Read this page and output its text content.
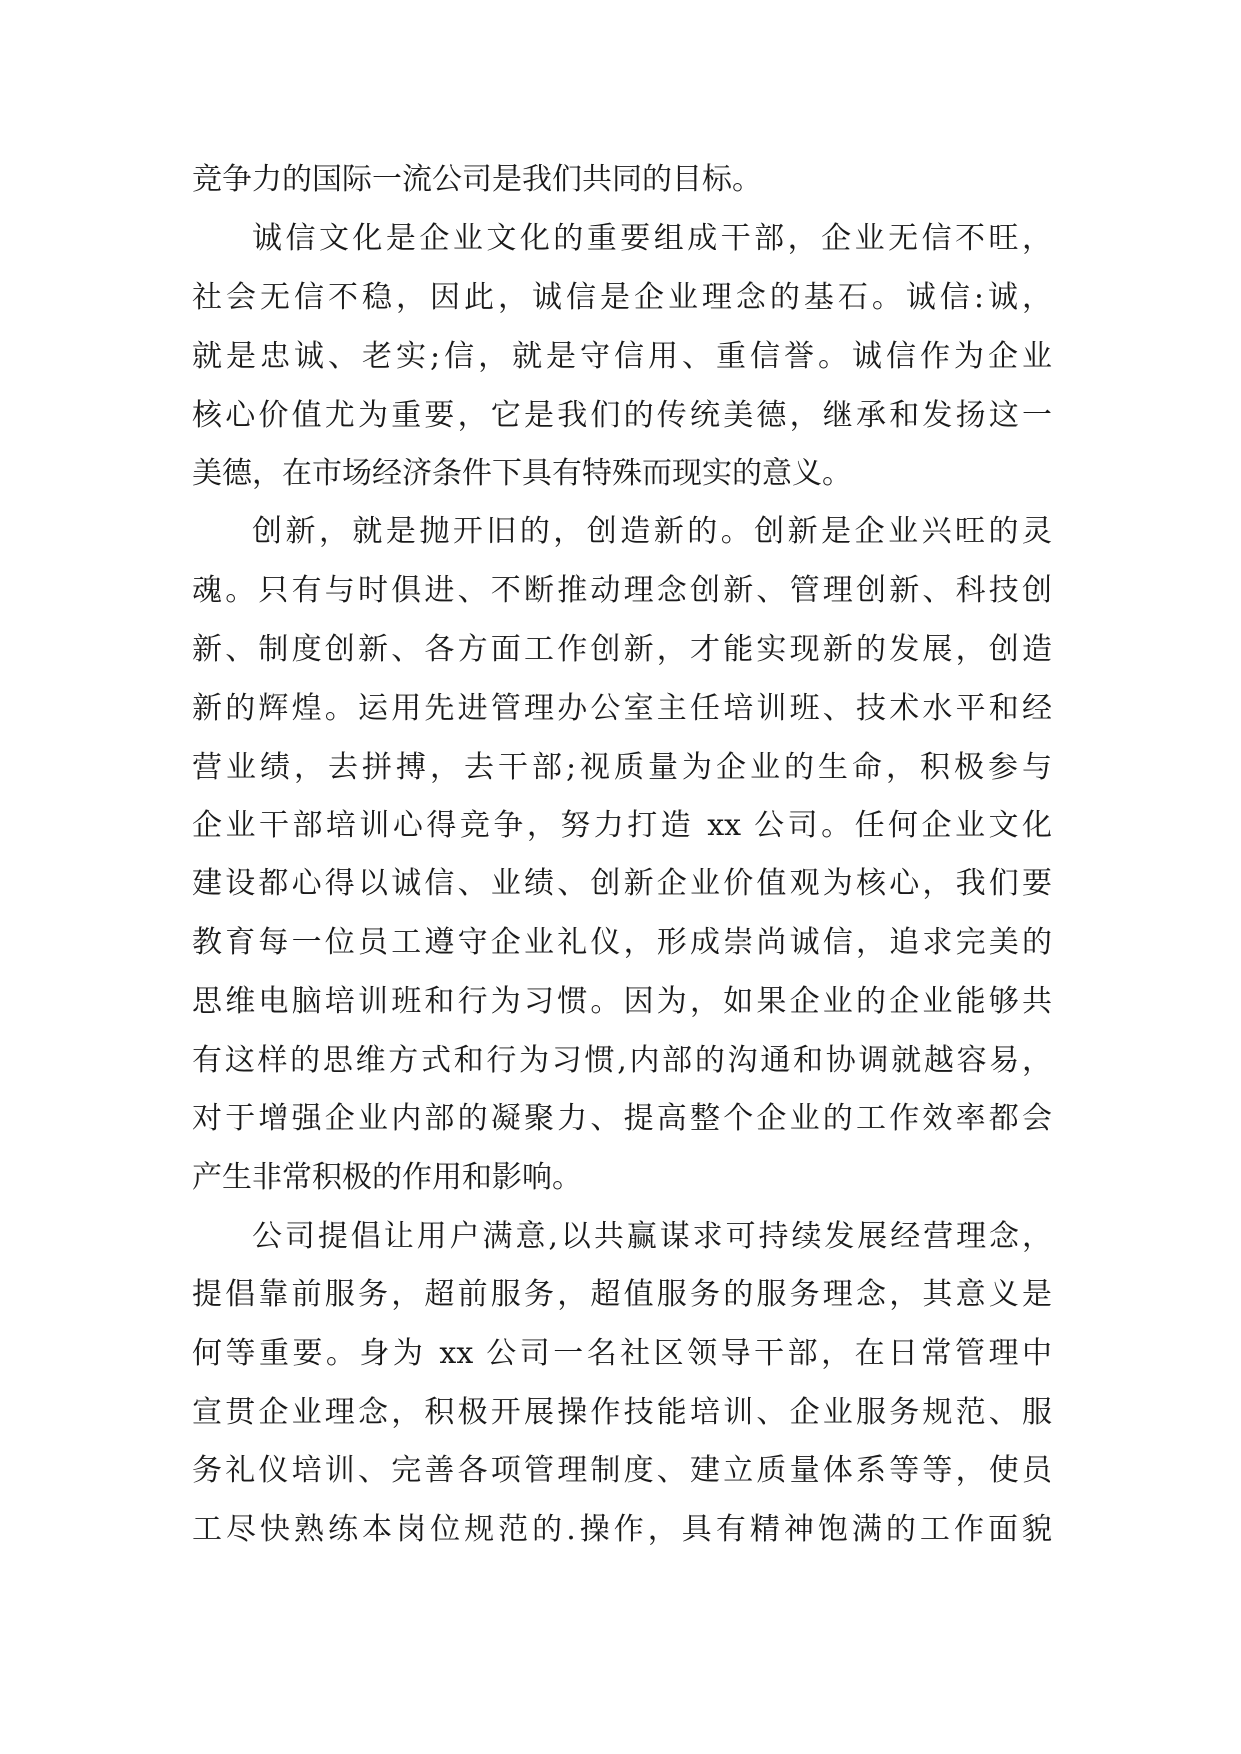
竞争力的国际一流公司是我们共同的目标。
诚信文化是企业文化的重要组成干部，企业无信不旺，
社会无信不稳，因此，诚信是企业理念的基石。诚信:诚，
就是忠诚、老实;信，就是守信用、重信誉。诚信作为企业
核心价值尤为重要，它是我们的传统美德，继承和发扬这一
美德，在市场经济条件下具有特殊而现实的意义。
创新，就是抛开旧的，创造新的。创新是企业兴旺的灵
魂。只有与时俱进、不断推动理念创新、管理创新、科技创
新、制度创新、各方面工作创新，才能实现新的发展，创造
新的辉煌。运用先进管理办公室主任培训班、技术水平和经
营业绩，去拼搏，去干部;视质量为企业的生命，积极参与
企业干部培训心得竞争，努力打造 xx 公司。任何企业文化
建设都心得以诚信、业绩、创新企业价值观为核心，我们要
教育每一位员工遵守企业礼仪，形成崇尚诚信，追求完美的
思维电脑培训班和行为习惯。因为，如果企业的企业能够共
有这样的思维方式和行为习惯,内部的沟通和协调就越容易，
对于增强企业内部的凝聚力、提高整个企业的工作效率都会
产生非常积极的作用和影响。
公司提倡让用户满意,以共赢谋求可持续发展经营理念，
提倡靠前服务，超前服务，超值服务的服务理念，其意义是
何等重要。身为 xx 公司一名社区领导干部，在日常管理中
宣贯企业理念，积极开展操作技能培训、企业服务规范、服
务礼仪培训、完善各项管理制度、建立质量体系等等，使员
工尽快熟练本岗位规范的.操作，具有精神饱满的工作面貌
